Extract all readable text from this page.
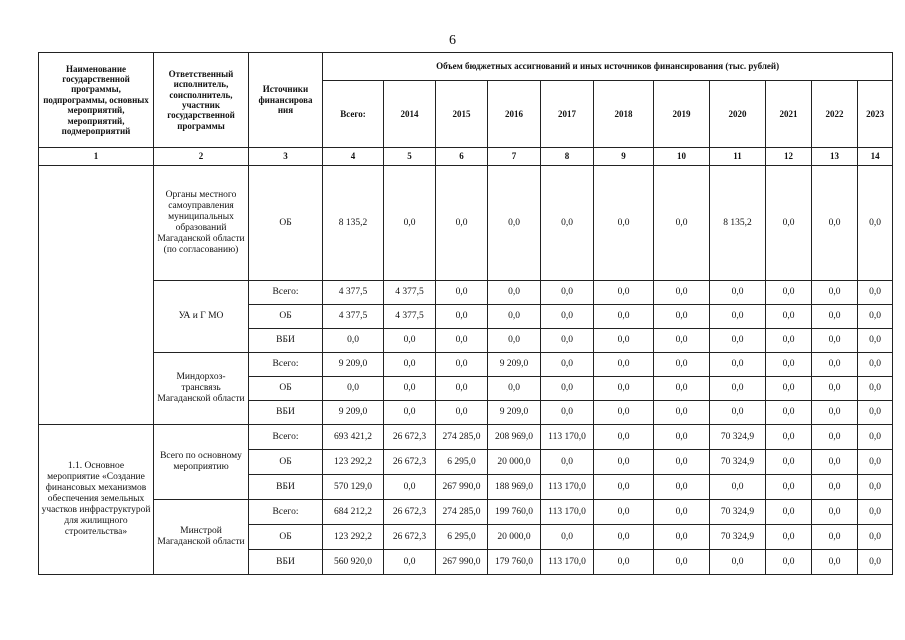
6
Наименование государственной программы, подпрограммы, основных мероприятий, мероприятий, подмероприятий	Ответственный исполнитель, соисполнитель, участник государственной программы	Источники финансирова ния	Объем бюджетных ассигнований и иных источников финансирования (тыс. рублей)										
			Всего:	2014	2015	2016	2017	2018	2019	2020	2021	2022	2023
1	2	3	4	5	6	7	8	9	10	11	12	13	14
	Органы местного самоуправления муниципальных образований Магаданской области (по согласованию)	ОБ	8 135,2	0,0	0,0	0,0	0,0	0,0	0,0	8 135,2	0,0	0,0	0,0
	УА и Г МО	Всего:	4 377,5	4 377,5	0,0	0,0	0,0	0,0	0,0	0,0	0,0	0,0	0,0
		ОБ	4 377,5	4 377,5	0,0	0,0	0,0	0,0	0,0	0,0	0,0	0,0	0,0
		ВБИ	0,0	0,0	0,0	0,0	0,0	0,0	0,0	0,0	0,0	0,0	0,0
	Миндорхоз- трансвязь Магаданской области	Всего:	9 209,0	0,0	0,0	9 209,0	0,0	0,0	0,0	0,0	0,0	0,0	0,0
		ОБ	0,0	0,0	0,0	0,0	0,0	0,0	0,0	0,0	0,0	0,0	0,0
		ВБИ	9 209,0	0,0	0,0	9 209,0	0,0	0,0	0,0	0,0	0,0	0,0	0,0
1.1. Основное мероприятие «Создание финансовых механизмов обеспечения земельных участков инфраструктурой для жилищного строительства»	Всего по основному мероприятию	Всего:	693 421,2	26 672,3	274 285,0	208 969,0	113 170,0	0,0	0,0	70 324,9	0,0	0,0	0,0
		ОБ	123 292,2	26 672,3	6 295,0	20 000,0	0,0	0,0	0,0	70 324,9	0,0	0,0	0,0
		ВБИ	570 129,0	0,0	267 990,0	188 969,0	113 170,0	0,0	0,0	0,0	0,0	0,0	0,0
	Минстрой Магаданской области	Всего:	684 212,2	26 672,3	274 285,0	199 760,0	113 170,0	0,0	0,0	70 324,9	0,0	0,0	0,0
		ОБ	123 292,2	26 672,3	6 295,0	20 000,0	0,0	0,0	0,0	70 324,9	0,0	0,0	0,0
		ВБИ	560 920,0	0,0	267 990,0	179 760,0	113 170,0	0,0	0,0	0,0	0,0	0,0	0,0
